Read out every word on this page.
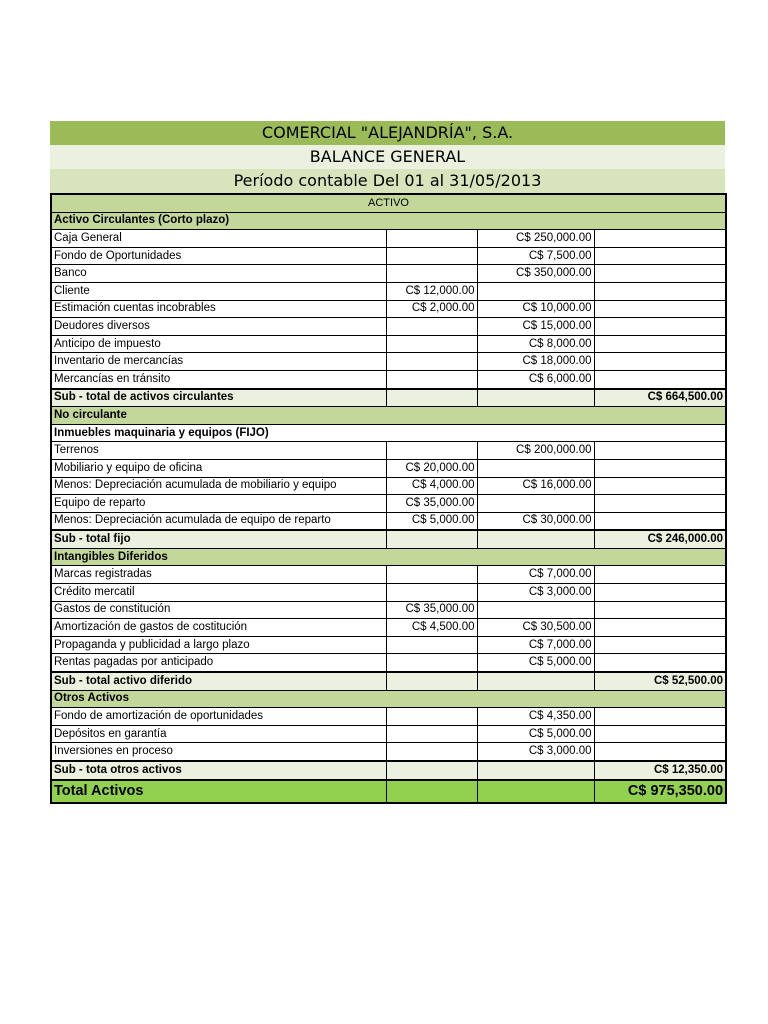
COMERCIAL "ALEJANDRÍA", S.A.
BALANCE GENERAL
Período contable Del 01 al 31/05/2013
ACTIVO			
Activo Circulantes (Corto plazo)			
Caja General		C$ 250,000.00	
Fondo de Oportunidades		C$ 7,500.00	
Banco		C$ 350,000.00	
Cliente	C$ 12,000.00		
Estimación cuentas incobrables	C$ 2,000.00	C$ 10,000.00	
Deudores diversos		C$ 15,000.00	
Anticipo de impuesto		C$ 8,000.00	
Inventario de mercancías		C$ 18,000.00	
Mercancías en tránsito		C$ 6,000.00	
Sub - total de activos circulantes			C$ 664,500.00
No circulante			
Inmuebles maquinaria y equipos (FIJO)			
Terrenos		C$ 200,000.00	
Mobiliario y equipo de oficina	C$ 20,000.00		
Menos: Depreciación acumulada de mobiliario y equipo	C$ 4,000.00	C$ 16,000.00	
Equipo de reparto	C$ 35,000.00		
Menos: Depreciación acumulada de equipo de reparto	C$ 5,000.00	C$ 30,000.00	
Sub - total fijo			C$ 246,000.00
Intangibles Diferidos			
Marcas registradas		C$ 7,000.00	
Crédito mercatil		C$ 3,000.00	
Gastos de constitución	C$ 35,000.00		
Amortización de gastos de costitución	C$ 4,500.00	C$ 30,500.00	
Propaganda y publicidad a largo plazo		C$ 7,000.00	
Rentas pagadas por anticipado		C$ 5,000.00	
Sub - total activo diferido			C$ 52,500.00
Otros Activos			
Fondo de amortización de oportunidades		C$ 4,350.00	
Depósitos en garantía		C$ 5,000.00	
Inversiones en proceso		C$ 3,000.00	
Sub - tota otros activos			C$ 12,350.00
Total Activos			C$ 975,350.00
